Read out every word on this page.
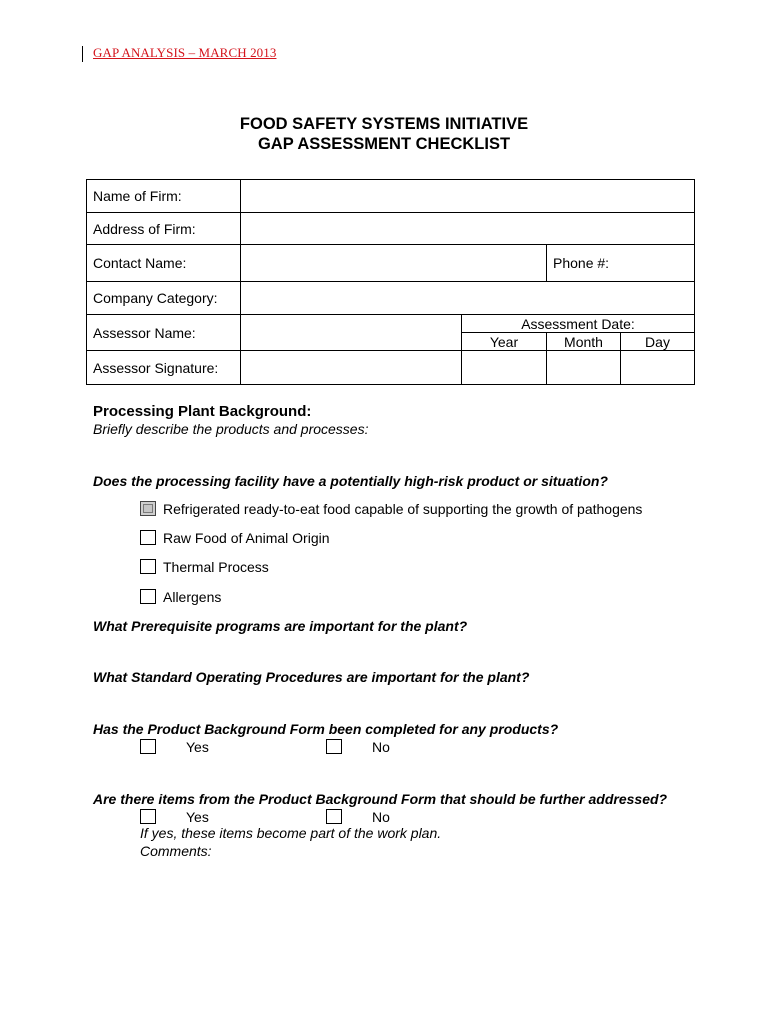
GAP ANALYSIS – MARCH 2013
FOOD SAFETY SYSTEMS INITIATIVE
GAP ASSESSMENT CHECKLIST
Name of Firm:				
Address of Firm:				
Contact Name:			Phone #:	
Company Category:				
Assessor Name:		Assessment Date:		
		Year	Month	Day
Assessor Signature:				
Processing Plant Background:
Briefly describe the products and processes:
Does the processing facility have a potentially high-risk product or situation?
Refrigerated ready-to-eat food capable of supporting the growth of pathogens
Raw Food of Animal Origin
Thermal Process
Allergens
What Prerequisite programs are important for the plant?
What Standard Operating Procedures are important for the plant?
Has the Product Background Form been completed for any products?
Yes	No
Are there items from the Product Background Form that should be further addressed?
Yes	No
If yes, these items become part of the work plan.
Comments:
